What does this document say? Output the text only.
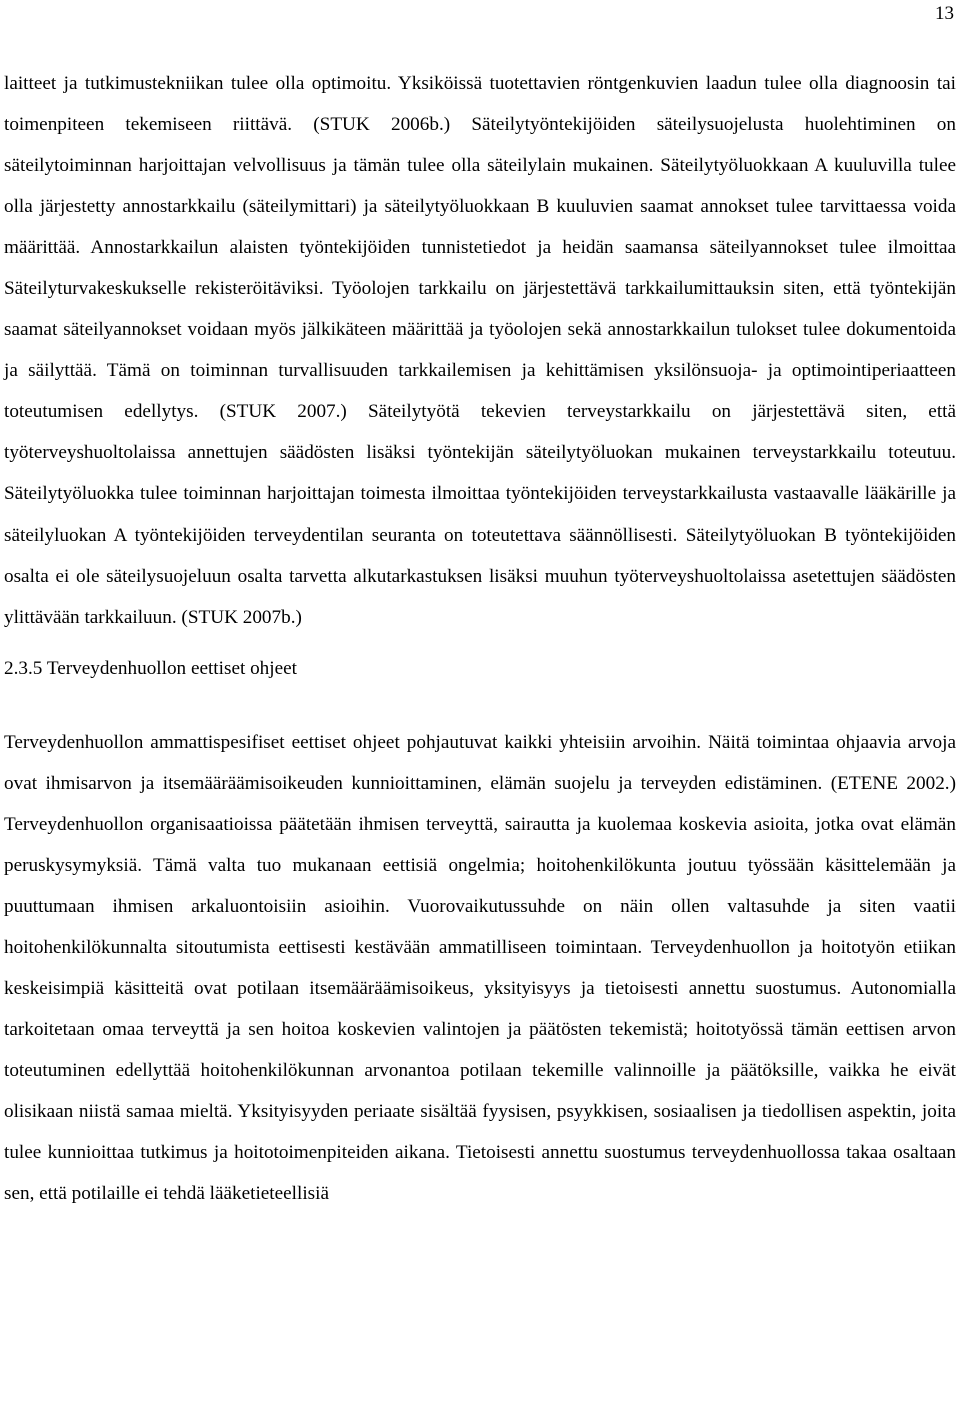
13

laitteet ja tutkimustekniikan tulee olla optimoitu. Yksiköissä tuotettavien röntgenkuvien laadun tulee olla diagnoosin tai toimenpiteen tekemiseen riittävä. (STUK 2006b.) Säteilytyöntekijöiden säteilysuojelusta huolehtiminen on säteilytoiminnan harjoittajan velvollisuus ja tämän tulee olla säteilylain mukainen. Säteilytyöluokkaan A kuuluvilla tulee olla järjestetty annostarkkailu (säteilymittari) ja säteilytyöluokkaan B kuuluvien saamat annokset tulee tarvittaessa voida määrittää. Annostarkkailun alaisten työntekijöiden tunnistetiedot ja heidän saamansa säteilyannokset tulee ilmoittaa Säteilyturvakeskukselle rekisteröitäviksi. Työolojen tarkkailu on järjestettävä tarkkailumittauksin siten, että työntekijän saamat säteilyannokset voidaan myös jälkikäteen määrittää ja työolojen sekä annostarkkailun tulokset tulee dokumentoida ja säilyttää. Tämä on toiminnan turvallisuuden tarkkailemisen ja kehittämisen yksilönsuoja- ja optimointiperiaatteen toteutumisen edellytys. (STUK 2007.) Säteilytyötä tekevien terveystarkkailu on järjestettävä siten, että työterveyshuoltolaissa annettujen säädösten lisäksi työntekijän säteilytyöluokan mukainen terveystarkkailu toteutuu. Säteilytyöluokka tulee toiminnan harjoittajan toimesta ilmoittaa työntekijöiden terveystarkkailusta vastaavalle lääkärille ja säteilyluokan A työntekijöiden terveydentilan seuranta on toteutettava säännöllisesti. Säteilytyöluokan B työntekijöiden osalta ei ole säteilysuojeluun osalta tarvetta alkutarkastuksen lisäksi muuhun työterveyshuoltolaissa asetettujen säädösten ylittävään tarkkailuun. (STUK 2007b.)

2.3.5 Terveydenhuollon eettiset ohjeet

Terveydenhuollon ammattispesifiset eettiset ohjeet pohjautuvat kaikki yhteisiin arvoihin. Näitä toimintaa ohjaavia arvoja ovat ihmisarvon ja itsemääräämisoikeuden kunnioittaminen, elämän suojelu ja terveyden edistäminen. (ETENE 2002.) Terveydenhuollon organisaatioissa päätetään ihmisen terveyttä, sairautta ja kuolemaa koskevia asioita, jotka ovat elämän peruskysymyksiä. Tämä valta tuo mukanaan eettisiä ongelmia; hoitohenkilökunta joutuu työssään käsittelemään ja puuttumaan ihmisen arkaluontoisiin asioihin. Vuorovaikutussuhde on näin ollen valtasuhde ja siten vaatii hoitohenkilökunnalta sitoutumista eettisesti kestävään ammatilliseen toimintaan. Terveydenhuollon ja hoitotyön etiikan keskeisimpiä käsitteitä ovat potilaan itsemääräämisoikeus, yksityisyys ja tietoisesti annettu suostumus. Autonomialla tarkoitetaan omaa terveyttä ja sen hoitoa koskevien valintojen ja päätösten tekemistä; hoitotyössä tämän eettisen arvon toteutuminen edellyttää hoitohenkilökunnan arvonantoa potilaan tekemille valinnoille ja päätöksille, vaikka he eivät olisikaan niistä samaa mieltä. Yksityisyyden periaate sisältää fyysisen, psyykkisen, sosiaalisen ja tiedollisen aspektin, joita tulee kunnioittaa tutkimus ja hoitotoimenpiteiden aikana. Tietoisesti annettu suostumus terveydenhuollossa takaa osaltaan sen, että potilaille ei tehdä lääketieteellisiä
